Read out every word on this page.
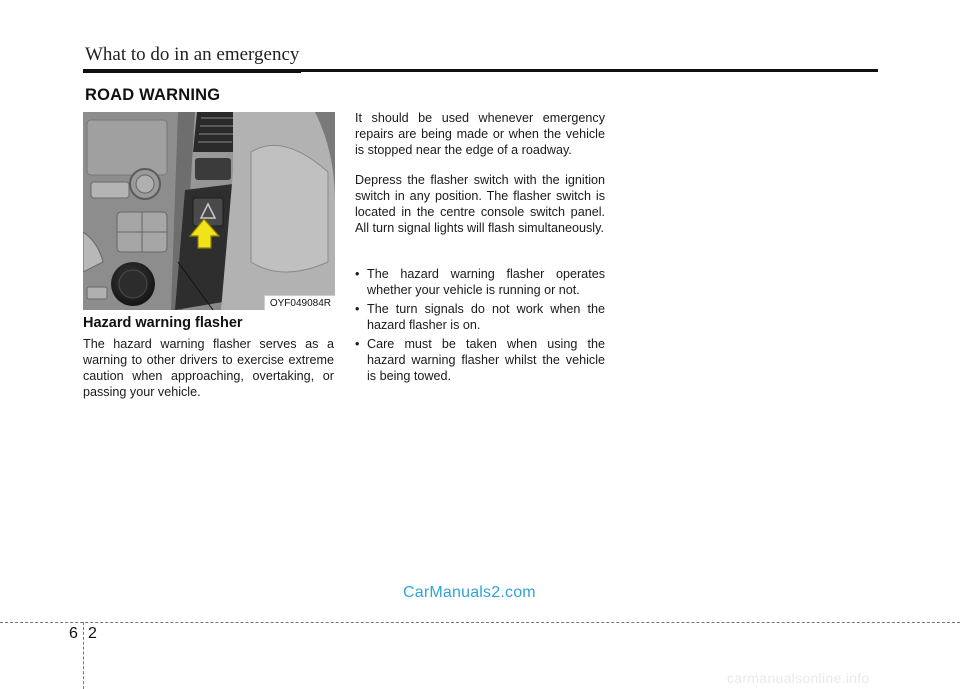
What to do in an emergency
ROAD WARNING
OYF049084R
Hazard warning flasher
The hazard warning flasher serves as a warning to other drivers to exercise extreme caution when approaching, overtaking, or passing your vehicle.
It should be used whenever emergency repairs are being made or when the vehicle is stopped near the edge of a roadway.
Depress the flasher switch with the ignition switch in any position. The flasher switch is located in the centre console switch panel. All turn signal lights will flash simultaneously.
• The hazard warning flasher operates whether your vehicle is running or not.
• The turn signals do not work when the hazard flasher is on.
• Care must be taken when using the hazard warning flasher whilst the vehicle is being towed.
CarManuals2.com
6 2
carmanualsonline.info
